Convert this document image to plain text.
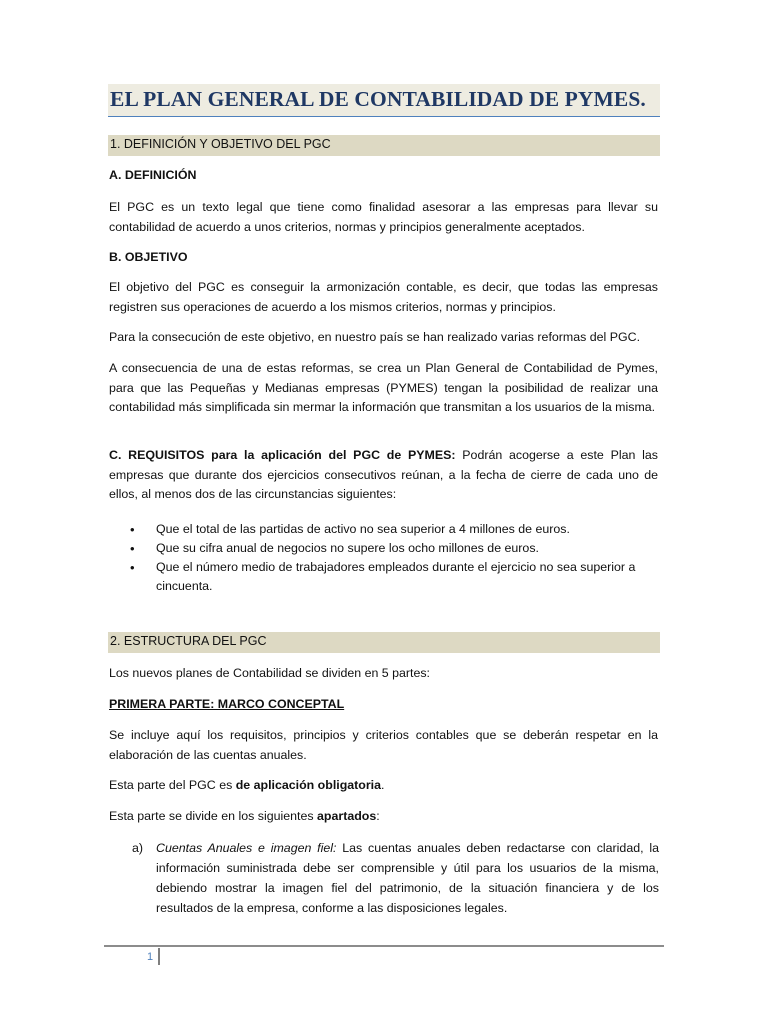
EL PLAN GENERAL DE CONTABILIDAD DE PYMES.
1. DEFINICIÓN Y OBJETIVO DEL PGC

A. DEFINICIÓN

El PGC es un texto legal que tiene como finalidad asesorar a las empresas para llevar su contabilidad de acuerdo a unos criterios, normas y principios generalmente aceptados.

B. OBJETIVO

El objetivo del PGC es conseguir la armonización contable, es decir, que todas las empresas registren sus operaciones de acuerdo a los mismos criterios, normas y principios.

Para la consecución de este objetivo, en nuestro país se han realizado varias reformas del PGC.

A consecuencia de una de estas reformas, se crea un Plan General de Contabilidad de Pymes, para que las Pequeñas y Medianas empresas (PYMES) tengan la posibilidad de realizar una contabilidad más simplificada sin mermar la información que transmitan a los usuarios de la misma.

C. REQUISITOS para la aplicación del PGC de PYMES: Podrán acogerse a este Plan las empresas que durante dos ejercicios consecutivos reúnan, a la fecha de cierre de cada uno de ellos, al menos dos de las circunstancias siguientes:

• Que el total de las partidas de activo no sea superior a 4 millones de euros.
• Que su cifra anual de negocios no supere los ocho millones de euros.
• Que el número medio de trabajadores empleados durante el ejercicio no sea superior a cincuenta.
2. ESTRUCTURA DEL PGC

Los nuevos planes de Contabilidad se dividen en 5 partes:

PRIMERA PARTE: MARCO CONCEPTAL

Se incluye aquí los requisitos, principios y criterios contables que se deberán respetar en la elaboración de las cuentas anuales.

Esta parte del PGC es de aplicación obligatoria.

Esta parte se divide en los siguientes apartados:

a) Cuentas Anuales e imagen fiel: Las cuentas anuales deben redactarse con claridad, la información suministrada debe ser comprensible y útil para los usuarios de la misma, debiendo mostrar la imagen fiel del patrimonio, de la situación financiera y de los resultados de la empresa, conforme a las disposiciones legales.
1
